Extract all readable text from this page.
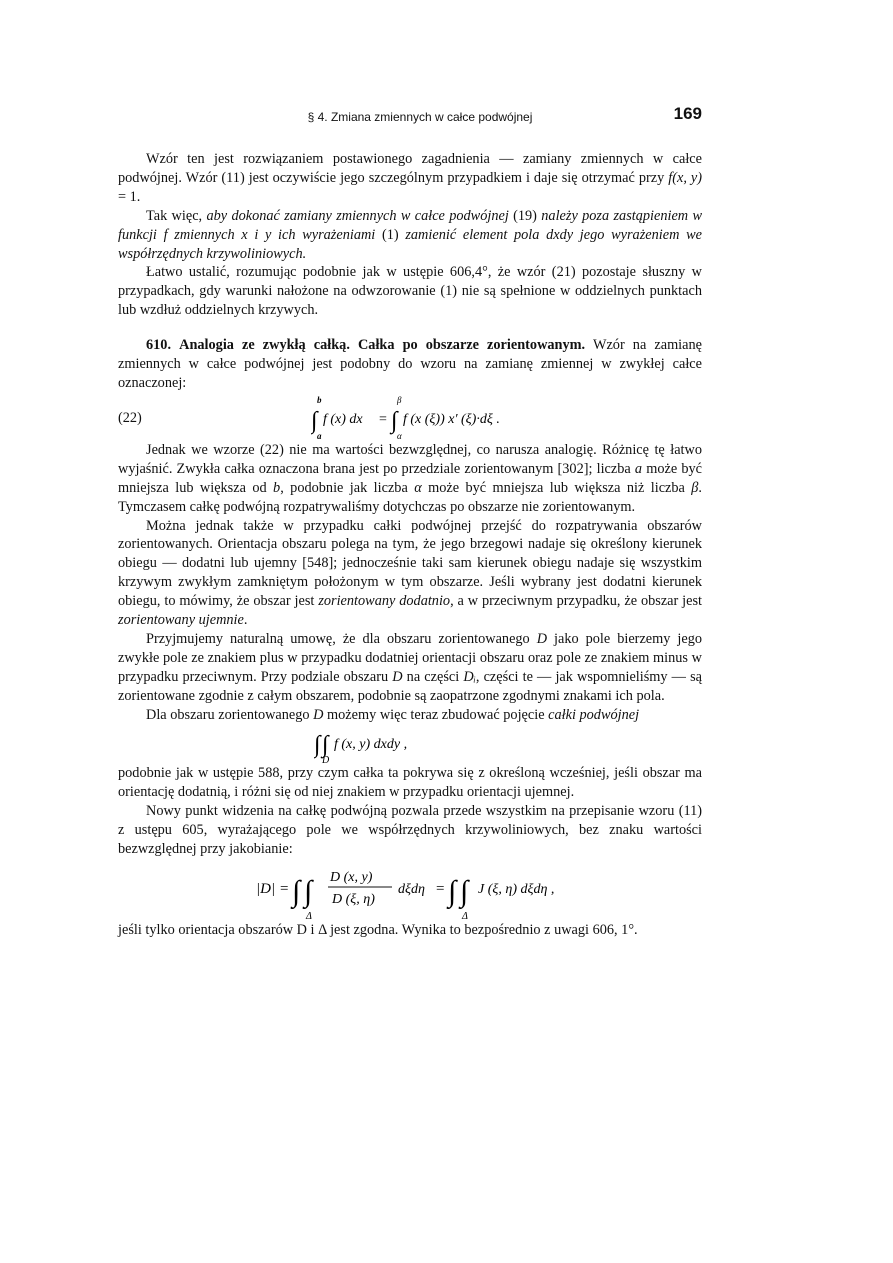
§ 4. Zmiana zmiennych w całce podwójnej	169

Wzór ten jest rozwiązaniem postawionego zagadnienia — zamiany zmiennych w całce podwójnej. Wzór (11) jest oczywiście jego szczególnym przypadkiem i daje się otrzymać przy f(x, y) = 1.

Tak więc, aby dokonać zamiany zmiennych w całce podwójnej (19) należy poza zastąpieniem w funkcji f zmiennych x i y ich wyrażeniami (1) zamienić element pola dxdy jego wyrażeniem we współrzędnych krzywoliniowych.

Łatwo ustalić, rozumując podobnie jak w ustępie 606,4°, że wzór (21) pozostaje słuszny w przypadkach, gdy warunki nałożone na odwzorowanie (1) nie są spełnione w oddzielnych punktach lub wzdłuż oddzielnych krzywych.

610. Analogia ze zwykłą całką. Całka po obszarze zorientowanym. Wzór na zamianę zmiennych w całce podwójnej jest podobny do wzoru na zamianę zmiennej w zwykłej całce oznaczonej:

(22)
b
∫
a
f (x) dx =
β
∫
α
f (x (ξ)) x′ (ξ)·dξ .

Jednak we wzorze (22) nie ma wartości bezwzględnej, co narusza analogię. Różnicę tę łatwo wyjaśnić. Zwykła całka oznaczona brana jest po przedziale zorientowanym [302]; liczba a może być mniejsza lub większa od b, podobnie jak liczba α może być mniejsza lub większa niż liczba β. Tymczasem całkę podwójną rozpatrywaliśmy dotychczas po obszarze nie zorientowanym.

Można jednak także w przypadku całki podwójnej przejść do rozpatrywania obszarów zorientowanych. Orientacja obszaru polega na tym, że jego brzegowi nadaje się określony kierunek obiegu — dodatni lub ujemny [548]; jednocześnie taki sam kierunek obiegu nadaje się wszystkim krzywym zwykłym zamkniętym położonym w tym obszarze. Jeśli wybrany jest dodatni kierunek obiegu, to mówimy, że obszar jest zorientowany dodatnio, a w przeciwnym przypadku, że obszar jest zorientowany ujemnie.

Przyjmujemy naturalną umowę, że dla obszaru zorientowanego D jako pole bierzemy jego zwykłe pole ze znakiem plus w przypadku dodatniej orientacji obszaru oraz pole ze znakiem minus w przypadku przeciwnym. Przy podziale obszaru D na części Dᵢ, części te — jak wspomnieliśmy — są zorientowane zgodnie z całym obszarem, podobnie są zaopatrzone zgodnymi znakami ich pola.

Dla obszaru zorientowanego D możemy więc teraz zbudować pojęcie całki podwójnej

∫ ∫ f (x, y) dxdy ,
D

podobnie jak w ustępie 588, przy czym całka ta pokrywa się z określoną wcześniej, jeśli obszar ma orientację dodatnią, i różni się od niej znakiem w przypadku orientacji ujemnej.

Nowy punkt widzenia na całkę podwójną pozwala przede wszystkim na przepisanie wzoru (11) z ustępu 605, wyrażającego pole we współrzędnych krzywoliniowych, bez znaku wartości bezwzględnej przy jakobianie:

|D| = ∫ ∫
Δ
D (x, y)
D (ξ, η)
dξdη = ∫ ∫
Δ
J (ξ, η) dξdη ,

jeśli tylko orientacja obszarów D i Δ jest zgodna. Wynika to bezpośrednio z uwagi 606, 1°.
